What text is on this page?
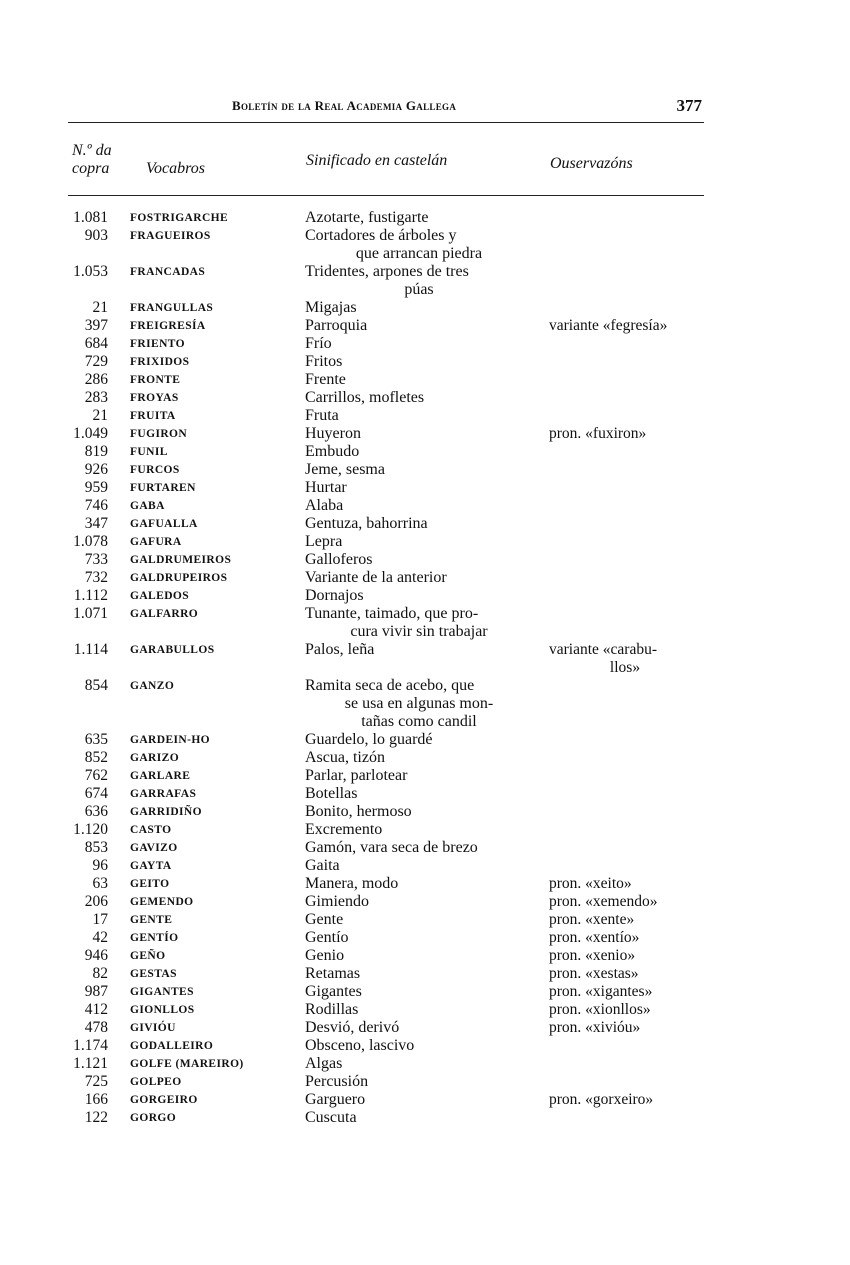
Boletín de la Real Academia Gallega	377
N.º da
copra Vocabros	Sinificado en castelán	Ouservazóns
1.081 FOSTRIGARCHE	Azotarte, fustigarte
903 FRAGUEIROS	Cortadores de árboles y
que arrancan piedra
1.053 FRANCADAS	Tridentes, arpones de tres
púas
21 FRANGULLAS	Migajas
397 FREIGRESÍA	Parroquia	variante «fegresía»
684 FRIENTO	Frío
729 FRIXIDOS	Fritos
286 FRONTE	Frente
283 FROYAS	Carrillos, mofletes
21 FRUITA	Fruta
1.049 FUGIRON	Huyeron	pron. «fuxiron»
819 FUNIL	Embudo
926 FURCOS	Jeme, sesma
959 FURTAREN	Hurtar
746 GABA	Alaba
347 GAFUALLA	Gentuza, bahorrina
1.078 GAFURA	Lepra
733 GALDRUMEIROS	Galloferos
732 GALDRUPEIROS	Variante de la anterior
1.112 GALEDOS	Dornajos
1.071 GALFARRO	Tunante, taimado, que pro-
cura vivir sin trabajar
1.114 GARABULLOS	Palos, leña	variante «carabu-
llos»
854 GANZO	Ramita seca de acebo, que
se usa en algunas mon-
tañas como candil
635 GARDEIN-HO	Guardelo, lo guardé
852 GARIZO	Ascua, tizón
762 GARLARE	Parlar, parlotear
674 GARRAFAS	Botellas
636 GARRIDIÑO	Bonito, hermoso
1.120 CASTO	Excremento
853 GAVIZO	Gamón, vara seca de brezo
96 GAYTA	Gaita
63 GEITO	Manera, modo	pron. «xeito»
206 GEMENDO	Gimiendo	pron. «xemendo»
17 GENTE	Gente	pron. «xente»
42 GENTÍO	Gentío	pron. «xentío»
946 GEÑO	Genio	pron. «xenio»
82 GESTAS	Retamas	pron. «xestas»
987 GIGANTES	Gigantes	pron. «xigantes»
412 GIONLLOS	Rodillas	pron. «xionllos»
478 GIVIÓU	Desvió, derivó	pron. «xivióu»
1.174 GODALLEIRO	Obsceno, lascivo
1.121 GOLFE (MAREIRO)	Algas
725 GOLPEO	Percusión
166 GORGEIRO	Garguero	pron. «gorxeiro»
122 GORGO	Cuscuta
